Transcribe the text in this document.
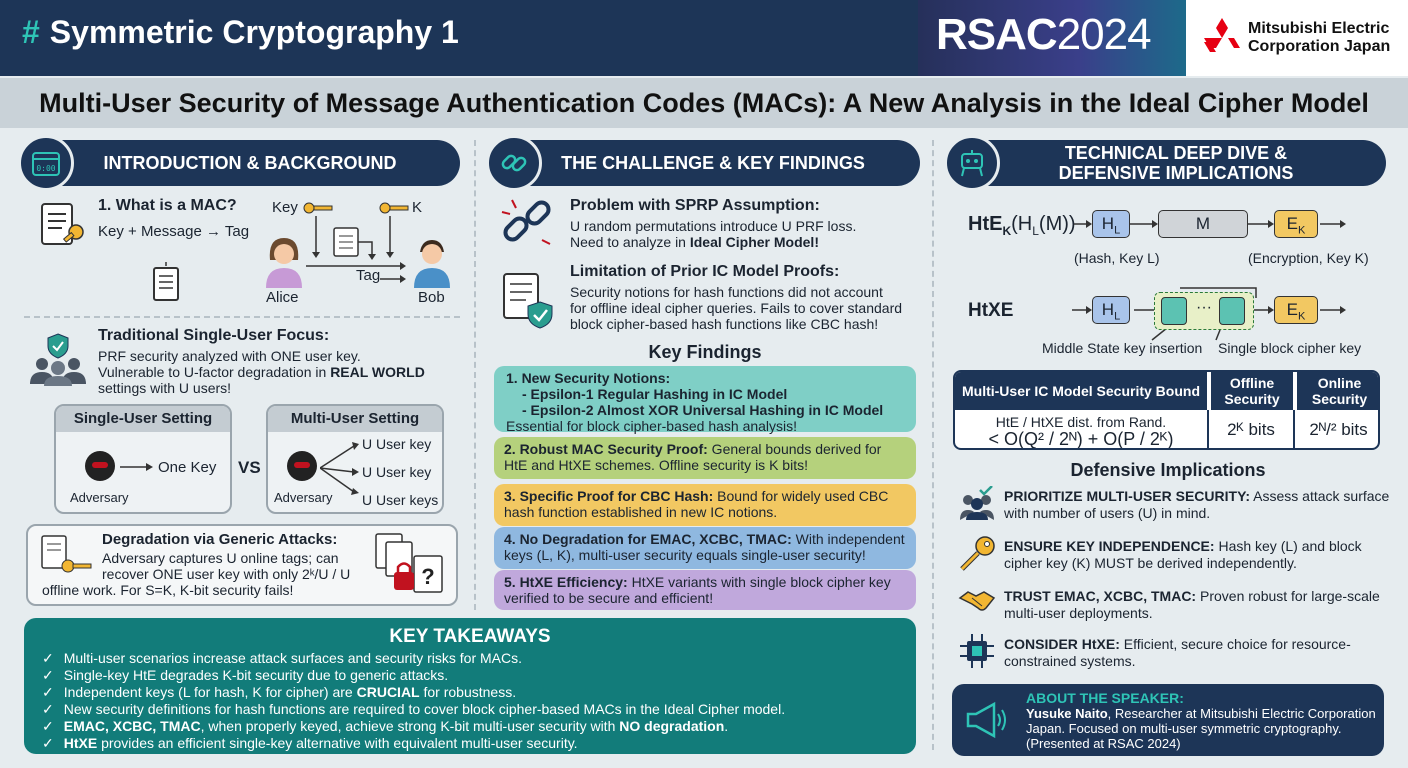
# Symmetric Cryptography 1	RSAC2024	Mitsubishi Electric
Corporation Japan
Multi-User Security of Message Authentication Codes (MACs): A New Analysis in the Ideal Cipher Model
INTRODUCTION & BACKGROUND
0:00
1. What is a MAC?
Key + Message → Tag
Key	K
Tag
Alice	Bob
Traditional Single-User Focus:
PRF security analyzed with ONE user key.
Vulnerable to U-factor degradation in REAL WORLD
settings with U users!
Single-User Setting
One Key
Adversary
VS
Multi-User Setting
U User key
U User key
U User keys
Adversary
Degradation via Generic Attacks:
Adversary captures U online tags; can
recover ONE user key with only 2ᵏ/U / U
offline work. For S=K, K-bit security fails!
?
THE CHALLENGE & KEY FINDINGS
Problem with SPRP Assumption:
U random permutations introduce U PRF loss.
Need to analyze in Ideal Cipher Model!
Limitation of Prior IC Model Proofs:
Security notions for hash functions did not account
for offline ideal cipher queries. Fails to cover standard
block cipher-based hash functions like CBC hash!
Key Findings
1. New Security Notions:
- Epsilon-1 Regular Hashing in IC Model
- Epsilon-2 Almost XOR Universal Hashing in IC Model
Essential for block cipher-based hash analysis!
2. Robust MAC Security Proof: General bounds derived for HtE and HtXE schemes. Offline security is K bits!
3. Specific Proof for CBC Hash: Bound for widely used CBC hash function established in new IC notions.
4. No Degradation for EMAC, XCBC, TMAC: With independent keys (L, K), multi-user security equals single-user security!
5. HtXE Efficiency: HtXE variants with single block cipher key verified to be secure and efficient!
KEY TAKEAWAYS
✓ Multi-user scenarios increase attack surfaces and security risks for MACs.
✓ Single-key HtE degrades K-bit security due to generic attacks.
✓ Independent keys (L for hash, K for cipher) are CRUCIAL for robustness.
✓ New security definitions for hash functions are required to cover block cipher-based MACs in the Ideal Cipher model.
✓ EMAC, XCBC, TMAC, when properly keyed, achieve strong K-bit multi-user security with NO degradation.
✓ HtXE provides an efficient single-key alternative with equivalent multi-user security.
TECHNICAL DEEP DIVE &
DEFENSIVE IMPLICATIONS
$HtE_K(H_L(M))$	$H_L$	M	$E_K$
(Hash, Key L)	(Encryption, Key K)
HtXE	$H_L$
···	$E_K$
Middle State key insertion Single block cipher key
Multi-User IC Model Security Bound	Offline Security
Online Security
HtE / HtXE dist. from Rand.
< O(Q² / 2ᴺ) + O(P / 2ᴷ)	2ᴷ bits	2ᴺ/² bits
Defensive Implications
PRIORITIZE MULTI-USER SECURITY: Assess attack surface with number of users (U) in mind.
ENSURE KEY INDEPENDENCE: Hash key (L) and block cipher key (K) MUST be derived independently.
TRUST EMAC, XCBC, TMAC: Proven robust for large-scale multi-user deployments.
CONSIDER HtXE: Efficient, secure choice for resource-constrained systems.
ABOUT THE SPEAKER:
Yusuke Naito, Researcher at Mitsubishi Electric Corporation
Japan. Focused on multi-user symmetric cryptography.
(Presented at RSAC 2024)
